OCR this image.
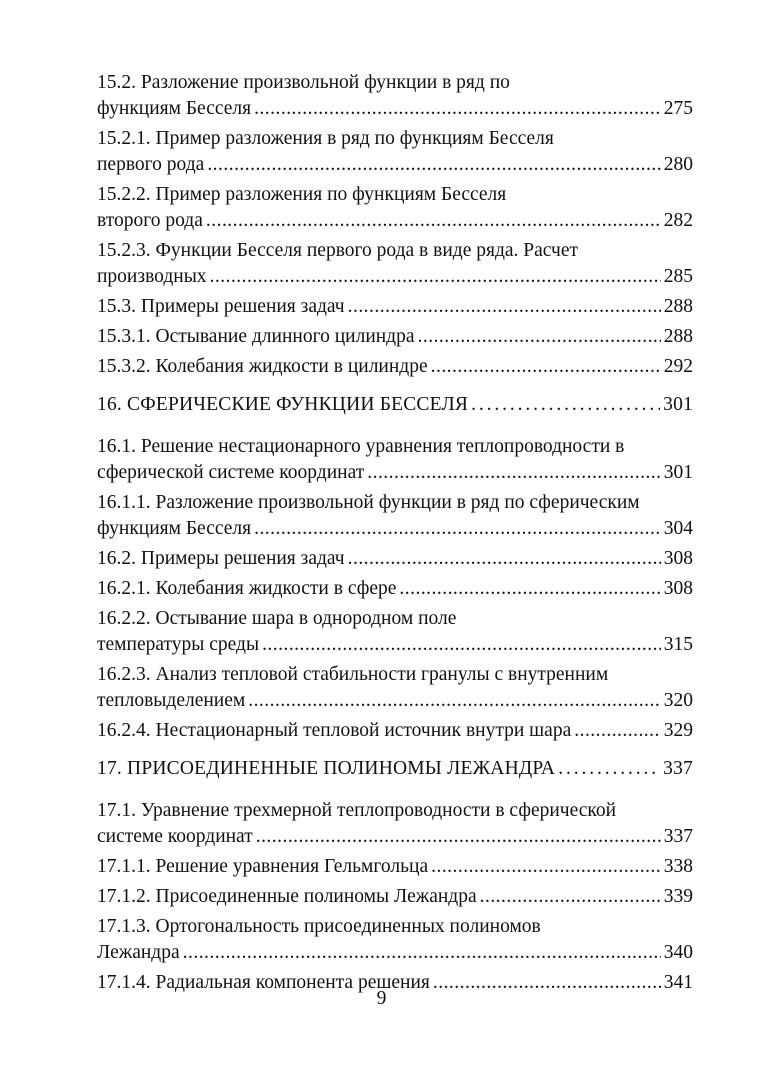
15.2. Разложение произвольной функции в ряд по
функциям Бесселя . . .	275
15.2.1. Пример разложения в ряд по функциям Бесселя
первого рода . . .	280
15.2.2. Пример разложения по функциям Бесселя
второго рода . . .	282
15.2.3. Функции Бесселя первого рода в виде ряда. Расчет
производных . . .	285
15.3. Примеры решения задач . . .	288
15.3.1. Остывание длинного цилиндра . . .	288
15.3.2. Колебания жидкости в цилиндре . . .	292
16. СФЕРИЧЕСКИЕ ФУНКЦИИ БЕССЕЛЯ . . .	301
16.1. Решение нестационарного уравнения теплопроводности в
сферической системе координат . . .	301
16.1.1. Разложение произвольной функции в ряд по сферическим
функциям Бесселя . . .	304
16.2. Примеры решения задач . . .	308
16.2.1. Колебания жидкости в сфере . . .	308
16.2.2. Остывание шара в однородном поле
температуры среды . . .	315
16.2.3. Анализ тепловой стабильности гранулы с внутренним
тепловыделением . . .	320
16.2.4. Нестационарный тепловой источник внутри шара . . .	329
17. ПРИСОЕДИНЕННЫЕ ПОЛИНОМЫ ЛЕЖАНДРА . . .	337
17.1. Уравнение трехмерной теплопроводности в сферической
системе координат . . .	337
17.1.1. Решение уравнения Гельмгольца . . .	338
17.1.2. Присоединенные полиномы Лежандра . . .	339
17.1.3. Ортогональность присоединенных полиномов
Лежандра . . .	340
17.1.4. Радиальная компонента решения . . .	341
9
